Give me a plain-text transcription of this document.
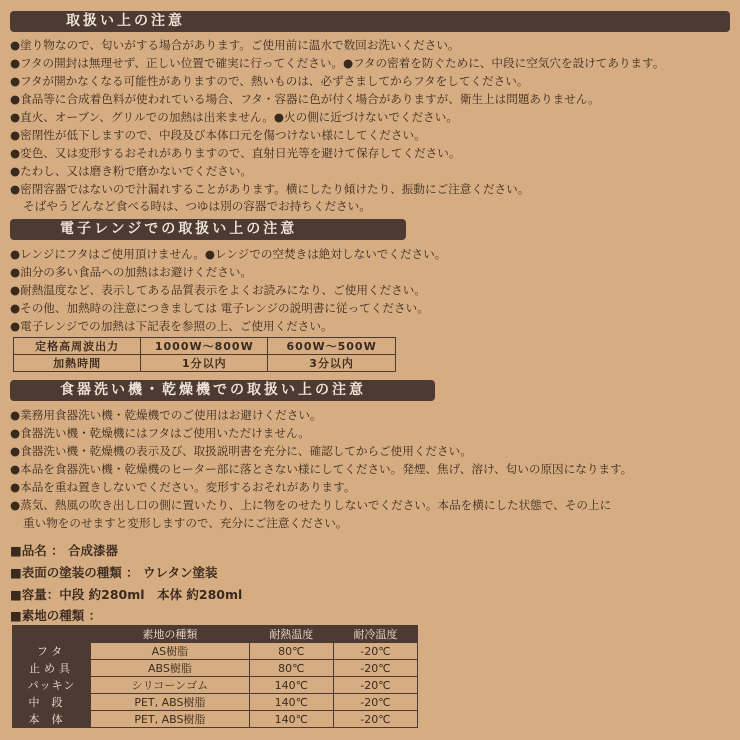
取扱い上の注意
●塗り物なので、匂いがする場合があります。ご使用前に温水で数回お洗いください。
●フタの開封は無理せず、正しい位置で確実に行ってください。●フタの密着を防ぐために、中段に空気穴を設けてあります。
●フタが開かなくなる可能性がありますので、熱いものは、必ずさましてからフタをしてください。
●食品等に合成着色料が使われている場合、フタ・容器に色が付く場合がありますが、衛生上は問題ありません。
●直火、オーブン、グリルでの加熱は出来ません。●火の側に近づけないでください。
●密閉性が低下しますので、中段及び本体口元を傷つけない様にしてください。
●変色、又は変形するおそれがありますので、直射日光等を避けて保存してください。
●たわし、又は磨き粉で磨かないでください。
●密閉容器ではないので汁漏れすることがあります。横にしたり傾けたり、振動にご注意ください。
そばやうどんなど食べる時は、つゆは別の容器でお持ちください。
電子レンジでの取扱い上の注意
●レンジにフタはご使用頂けません。●レンジでの空焚きは絶対しないでください。
●油分の多い食品への加熱はお避けください。
●耐熱温度など、表示してある品質表示をよくお読みになり、ご使用ください。
●その他、加熱時の注意につきましては 電子レンジの説明書に従ってください。
●電子レンジでの加熱は下記表を参照の上、ご使用ください。
定格高周波出力	1000W～800W	600W～500W
加熱時間	1分以内	3分以内
食器洗い機・乾燥機での取扱い上の注意
●業務用食器洗い機・乾燥機でのご使用はお避けください。
●食器洗い機・乾燥機にはフタはご使用いただけません。
●食器洗い機・乾燥機の表示及び、取扱説明書を充分に、確認してからご使用ください。
●本品を食器洗い機・乾燥機のヒーター部に落とさない様にしてください。発煙、焦げ、溶け、匂いの原因になります。
●本品を重ね置きしないでください。変形するおそれがあります。
●蒸気、熱風の吹き出し口の側に置いたり、上に物をのせたりしないでください。本品を横にした状態で、その上に
重い物をのせますと変形しますので、充分にご注意ください。
■品名 ： 合成漆器
■表面の塗装の種類 ： ウレタン塗装
■容量：中段 約280ml　本体 約280ml
■素地の種類 ：
	素地の種類	耐熱温度	耐冷温度
フタ	AS樹脂	80℃	-20℃
止め具	ABS樹脂	80℃	-20℃
パッキン	シリコーンゴム	140℃	-20℃
中段	PET, ABS樹脂	140℃	-20℃
本体	PET, ABS樹脂	140℃	-20℃
